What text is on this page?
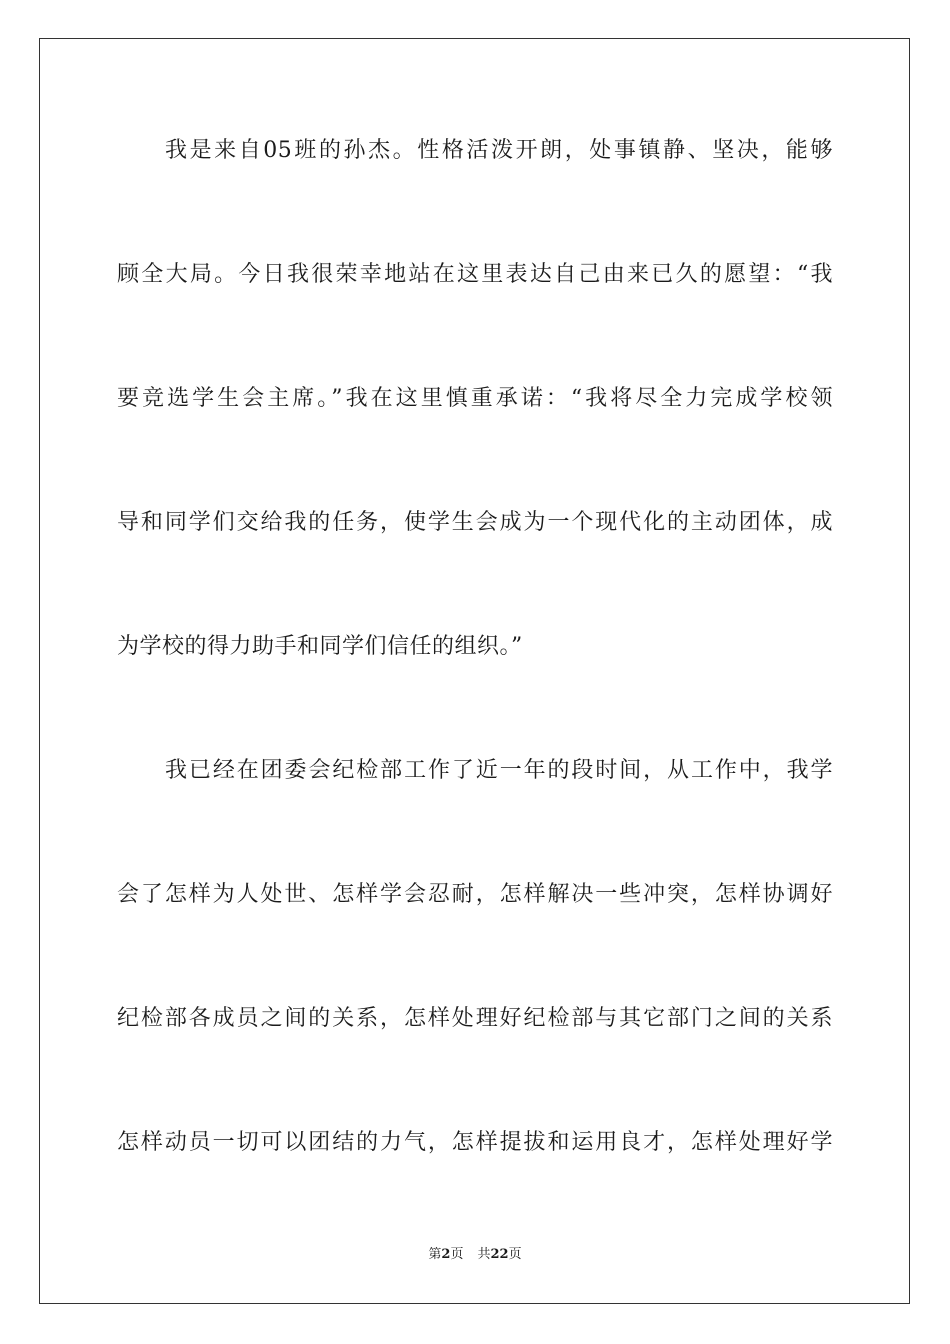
我是来自05班的孙杰。性格活泼开朗，处事镇静、坚决，能够
顾全大局。今日我很荣幸地站在这里表达自己由来已久的愿望：“我
要竞选学生会主席。”我在这里慎重承诺：“我将尽全力完成学校领
导和同学们交给我的任务，使学生会成为一个现代化的主动团体，成
为学校的得力助手和同学们信任的组织。”
我已经在团委会纪检部工作了近一年的段时间，从工作中，我学
会了怎样为人处世、怎样学会忍耐，怎样解决一些冲突，怎样协调好
纪检部各成员之间的关系，怎样处理好纪检部与其它部门之间的关系
怎样动员一切可以团结的力气，怎样提拔和运用良才，怎样处理好学
第2页 共22页
